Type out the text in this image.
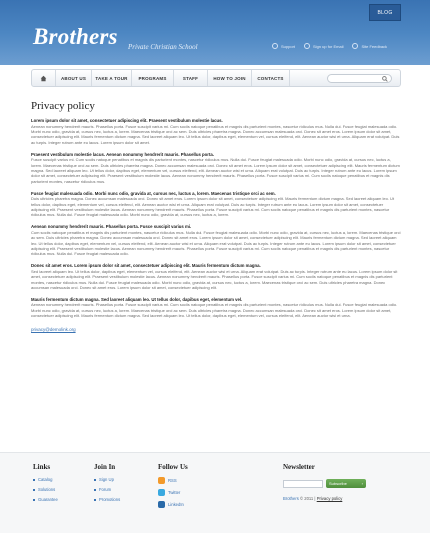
Brothers Private Christian School
BLOG
Support	Sign up for Email	Site Feedback
ABOUT US	TAKE A TOUR	PROGRAMS	STAFF	HOW TO JOIN	CONTACTS
Privacy policy
Lorem ipsum dolor sit amet, consectetuer adipiscing elit. Praesent vestibulum molestie lacus.
Aenean nonummy hendrerit mauris. Phasellus porta. Fusce suscipit varius mi. Cum sociis natoque penatibus et magnis dis parturient montes, nascetur ridiculus mus. Nulla dui. Fusce feugiat malesuada odio. Morbi nunc odio, gravida at, cursus nec, luctus a, lorem. Maecenas tristique orci ac sem. Duis ultricies pharetra magna. Donec accumsan malesuada orci. Donec sit amet eros. Lorem ipsum dolor sit amet, consectetuer adipiscing elit. Mauris fermentum dictum magna. Sed laoreet aliquam leo. Ut tellus dolor, dapibus eget, elementum vel, cursus eleifend, elit. Aenean auctor wisi et urna. Aliquam erat volutpat. Duis ac turpis. Integer rutrum ante eu lacus. Lorem ipsum dolor sit amet.
Praesent vestibulum molestie lacus. Aenean nonummy hendrerit mauris. Phasellus porta.
Fusce suscipit varius mi. Cum sociis natoque penatibus et magnis dis parturient montes, nascetur ridiculus mus. Nulla dui. Fusce feugiat malesuada odio. Morbi nunc odio, gravida at, cursus nec, luctus a, lorem. Maecenas tristique orci ac sem. Duis ultricies pharetra magna. Donec accumsan malesuada orci. Donec sit amet eros. Lorem ipsum dolor sit amet, consectetuer adipiscing elit. Mauris fermentum dictum magna. Sed laoreet aliquam leo. Ut tellus dolor, dapibus eget, elementum vel, cursus eleifend, elit. Aenean auctor wisi et urna. Aliquam erat volutpat. Duis ac turpis. Integer rutrum ante eu lacus. Lorem ipsum dolor sit amet, consectetuer adipiscing elit. Praesent vestibulum molestie lacus. Aenean nonummy hendrerit mauris. Phasellus porta. Fusce suscipit varius mi. Cum sociis natoque penatibus et magnis dis parturient montes, nascetur ridiculus mus.
Fusce feugiat malesuada odio. Morbi nunc odio, gravida at, cursus nec, luctus a, lorem. Maecenas tristique orci ac sem.
Duis ultricies pharetra magna. Donec accumsan malesuada orci. Donec sit amet eros. Lorem ipsum dolor sit amet, consectetuer adipiscing elit. Mauris fermentum dictum magna. Sed laoreet aliquam leo. Ut tellus dolor, dapibus eget, elementum vel, cursus eleifend, elit. Aenean auctor wisi et urna. Aliquam erat volutpat. Duis ac turpis. Integer rutrum ante eu lacus. Lorem ipsum dolor sit amet, consectetuer adipiscing elit. Praesent vestibulum molestie lacus. Aenean nonummy hendrerit mauris. Phasellus porta. Fusce suscipit varius mi. Cum sociis natoque penatibus et magnis dis parturient montes, nascetur ridiculus mus. Nulla dui. Fusce feugiat malesuada odio. Morbi nunc odio, gravida at, cursus nec, luctus a, lorem.
Aenean nonummy hendrerit mauris. Phasellus porta. Fusce suscipit varius mi.
Cum sociis natoque penatibus et magnis dis parturient montes, nascetur ridiculus mus. Nulla dui. Fusce feugiat malesuada odio. Morbi nunc odio, gravida at, cursus nec, luctus a, lorem. Maecenas tristique orci ac sem. Duis ultricies pharetra magna. Donec accumsan malesuada orci. Donec sit amet eros. Lorem ipsum dolor sit amet, consectetuer adipiscing elit. Mauris fermentum dictum magna. Sed laoreet aliquam leo. Ut tellus dolor, dapibus eget, elementum vel, cursus eleifend, elit. Aenean auctor wisi et urna. Aliquam erat volutpat. Duis ac turpis. Integer rutrum ante eu lacus. Lorem ipsum dolor sit amet, consectetuer adipiscing elit. Praesent vestibulum molestie lacus. Aenean nonummy hendrerit mauris. Phasellus porta. Fusce suscipit varius mi. Cum sociis natoque penatibus et magnis dis parturient montes, nascetur ridiculus mus. Nulla dui. Fusce feugiat malesuada odio.
Donec sit amet eros. Lorem ipsum dolor sit amet, consectetuer adipiscing elit. Mauris fermentum dictum magna.
Sed laoreet aliquam leo. Ut tellus dolor, dapibus eget, elementum vel, cursus eleifend, elit. Aenean auctor wisi et urna. Aliquam erat volutpat. Duis ac turpis. Integer rutrum ante eu lacus. Lorem ipsum dolor sit amet, consectetuer adipiscing elit. Praesent vestibulum molestie lacus. Aenean nonummy hendrerit mauris. Phasellus porta. Fusce suscipit varius mi. Cum sociis natoque penatibus et magnis dis parturient montes, nascetur ridiculus mus. Nulla dui. Fusce feugiat malesuada odio. Morbi nunc odio, gravida at, cursus nec, luctus a, lorem. Maecenas tristique orci ac sem. Duis ultricies pharetra magna. Donec accumsan malesuada orci. Donec sit amet eros. Lorem ipsum dolor sit amet, consectetuer adipiscing elit.
Mauris fermentum dictum magna. Sed laoreet aliquam leo. Ut tellus dolor, dapibus eget, elementum vel.
Aenean nonummy hendrerit mauris. Phasellus porta. Fusce suscipit varius mi. Cum sociis natoque penatibus et magnis dis parturient montes, nascetur ridiculus mus. Nulla dui. Fusce feugiat malesuada odio. Morbi nunc odio, gravida at, cursus nec, luctus a, lorem. Maecenas tristique orci ac sem. Duis ultricies pharetra magna. Donec accumsan malesuada orci. Donec sit amet eros. Lorem ipsum dolor sit amet, consectetuer adipiscing elit. Mauris fermentum dictum magna. Sed laoreet aliquam leo. Ut tellus dolor, dapibus eget, elementum vel, cursus eleifend, elit. Aenean auctor wisi et urna.
privacy@demolink.org
Links
Catalog
Solutions
Guarantee
Join In
Sign Up
Forum
Promotions
Follow Us
RSS
Twitter
LinkedIn
Newsletter
Subscribe	›
Brothers © 2011 | Privacy policy
